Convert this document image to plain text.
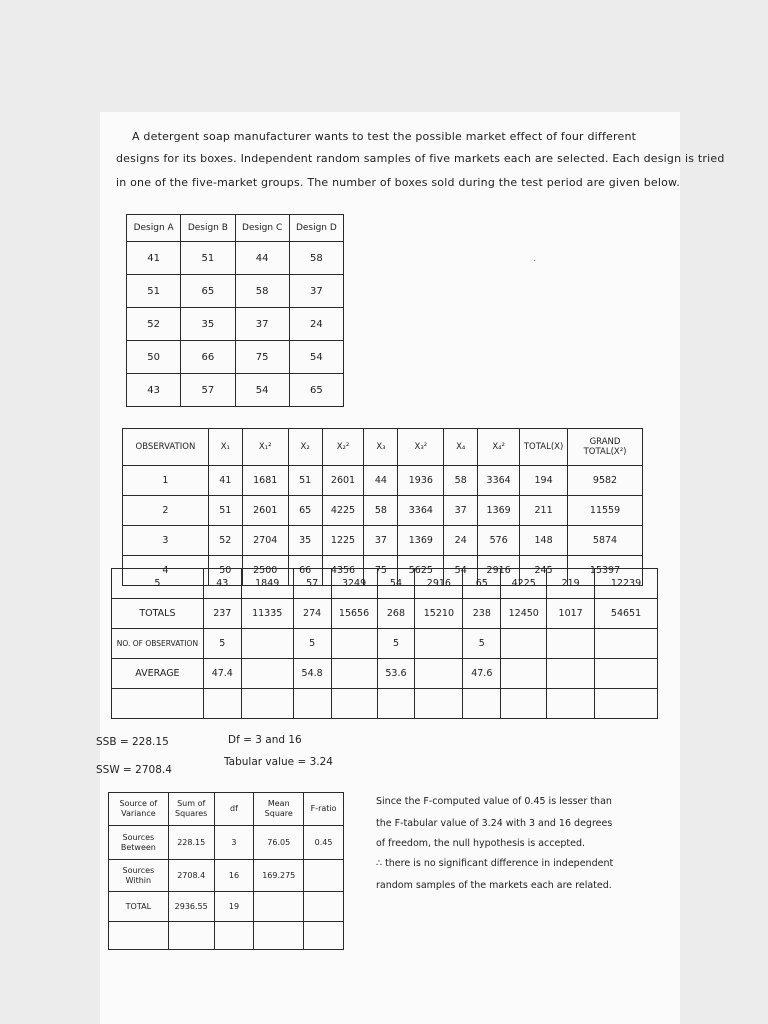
A detergent soap manufacturer wants to test the possible market effect of four different
designs for its boxes. Independent random samples of five markets each are selected. Each design is tried
in one of the five-market groups. The number of boxes sold during the test period are given below.
·
Design A	Design B	Design C	Design D
41	51	44	58
51	65	58	37
52	35	37	24
50	66	75	54
43	57	54	65
OBSERVATION	X₁	X₁²	X₂	X₂²	X₃	X₃²	X₄	X₄²	TOTAL(X)	GRAND TOTAL(X²)
1	41	1681	51	2601	44	1936	58	3364	194	9582
2	51	2601	65	4225	58	3364	37	1369	211	11559
3	52	2704	35	1225	37	1369	24	576	148	5874
4	50	2500	66	4356	75	5625	54	2916	245	15397
5	43	1849	57	3249	54	2916	65	4225	219	12239
TOTALS	237	11335	274	15656	268	15210	238	12450	1017	54651
NO. OF OBSERVATION	5		5		5		5			
AVERAGE	47.4		54.8		53.6		47.6			

SSB = 228.15
SSW = 2708.4
Df = 3 and 16
Tabular value = 3.24
Source of Variance	Sum of Squares	df	Mean Square	F-ratio
Sources Between	228.15	3	76.05	0.45
Sources Within	2708.4	16	169.275	
TOTAL	2936.55	19		

Since the F-computed value of 0.45 is lesser than
the F-tabular value of 3.24 with 3 and 16 degrees
of freedom, the null hypothesis is accepted.
∴ there is no significant difference in independent
random samples of the markets each are related.
